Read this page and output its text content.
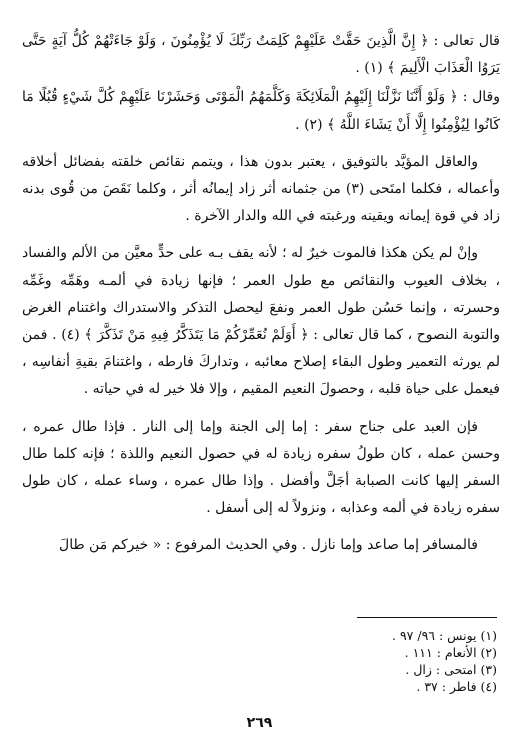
قال تعالى : ﴿ إِنَّ الَّذِينَ حَقَّتْ عَلَيْهِمْ كَلِمَتُ رَبِّكَ لَا يُؤْمِنُونَ ، وَلَوْ جَاءَتْهُمْ كُلُّ آيَةٍ حَتَّى يَرَوُا الْعَذَابَ الْأَلِيمَ ﴾ (١) .

وقال : ﴿ وَلَوْ أَنَّنَا نَزَّلْنَا إِلَيْهِمُ الْمَلَائِكَةَ وَكَلَّمَهُمُ الْمَوْتَى وَحَشَرْنَا عَلَيْهِمْ كُلَّ شَيْءٍ قُبُلًا مَا كَانُوا لِيُؤْمِنُوا إِلَّا أَنْ يَشَاءَ اللَّهُ ﴾ (٢) .

والعاقل المؤيَّد بالتوفيق ، يعتبر بدون هذا ، ويتمم نقائص خلقته بفضائل أخلاقه وأعماله ، فكلما امتَحى (٣) من جثمانه أثر زاد إيمانُه أثر ، وكلما نَقَصَ من قُوى بدنه زاد في قوة إيمانه ويقينه ورغبته في الله والدار الآخرة .

وإنْ لم يكن هكذا فالموت خيرٌ له ؛ لأنه يقف بـه على حدٍّ معيَّن من الألم والفساد ، بخلاف العيوب والنقائص مع طول العمر ؛ فإنها زيادة في ألمـه وهَمِّه وغَمِّه وحسرته ، وإنما حَسُن طول العمر ونفعَ ليحصل التذكر والاستدراك واغتنام الغرض والتوبة النصوح ، كما قال تعالى : ﴿ أَوَلَمْ نُعَمِّرْكُمْ مَا يَتَذَكَّرُ فِيهِ مَنْ تَذَكَّرَ ﴾ (٤) . فمن لم يورثه التعمير وطول البقاء إصلاح معائبه ، وتداركَ فارطه ، واغتنامَ بقيةِ أنفاسِه ، فيعمل على حياة قلبه ، وحصولَ النعيم المقيم ، وإلا فلا خير له في حياته .

فإن العبد على جناح سفر : إما إلى الجنة وإما إلى النار . فإذا طال عمره ، وحسن عمله ، كان طولُ سفره زيادة له في حصول النعيم واللذة ؛ فإنه كلما طال السفر إليها كانت الصبابة أجَلَّ وأفضل . وإذا طال عمره ، وساء عمله ، كان طول سفره زيادة في ألمه وعذابه ، ونزولاً له إلى أسفل .

فالمسافر إما صاعد وإما نازل . وفي الحديث المرفوع : « خيركم مَن طالَ

(١) يونس : ٩٦/ ٩٧ .
(٢) الأنعام : ١١١ .
(٣) امتحى : زال .
(٤) فاطر : ٣٧ .
٢٦٩
